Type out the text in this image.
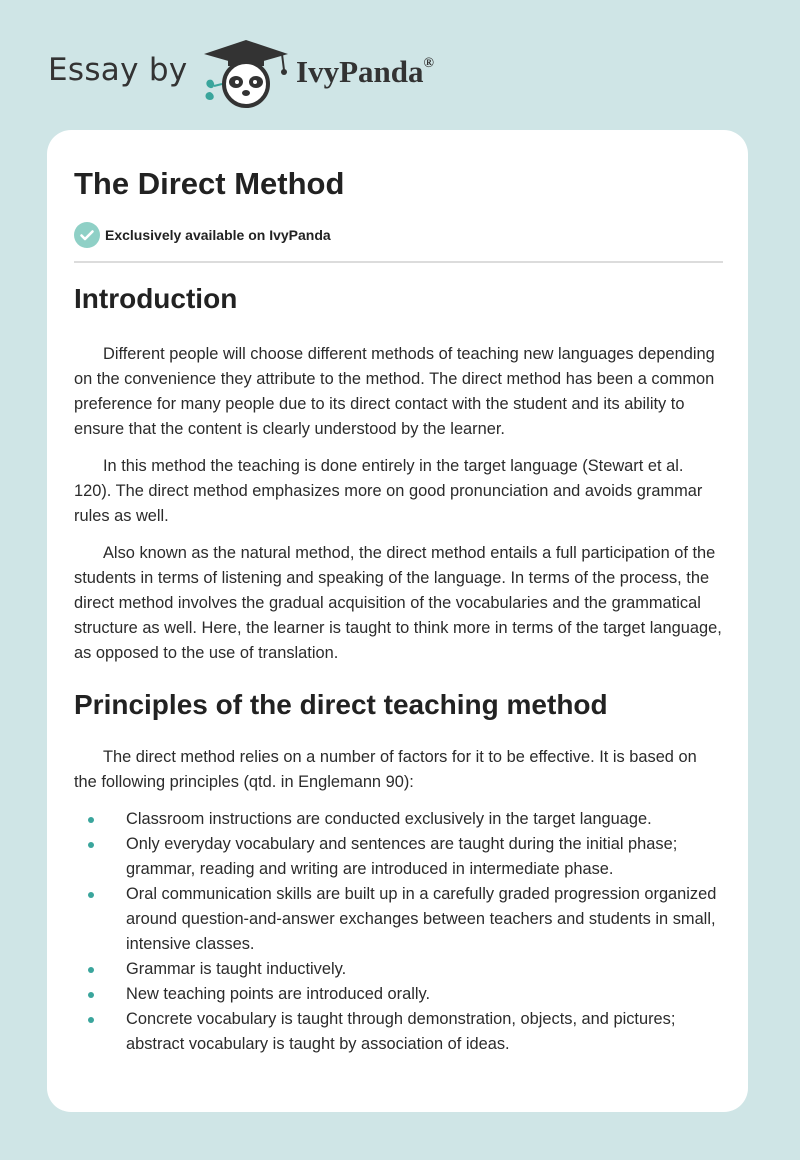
Essay by	IvyPanda®
The Direct Method
Exclusively available on IvyPanda
Introduction

Different people will choose different methods of teaching new languages depending on the convenience they attribute to the method. The direct method has been a common preference for many people due to its direct contact with the student and its ability to ensure that the content is clearly understood by the learner.

In this method the teaching is done entirely in the target language (Stewart et al. 120). The direct method emphasizes more on good pronunciation and avoids grammar rules as well.

Also known as the natural method, the direct method entails a full participation of the students in terms of listening and speaking of the language. In terms of the process, the direct method involves the gradual acquisition of the vocabularies and the grammatical structure as well. Here, the learner is taught to think more in terms of the target language, as opposed to the use of translation.

Principles of the direct teaching method

The direct method relies on a number of factors for it to be effective. It is based on the following principles (qtd. in Englemann 90):

Classroom instructions are conducted exclusively in the target language.
Only everyday vocabulary and sentences are taught during the initial phase; grammar, reading and writing are introduced in intermediate phase.
Oral communication skills are built up in a carefully graded progression organized around question-and-answer exchanges between teachers and students in small, intensive classes.
Grammar is taught inductively.
New teaching points are introduced orally.
Concrete vocabulary is taught through demonstration, objects, and pictures; abstract vocabulary is taught by association of ideas.
